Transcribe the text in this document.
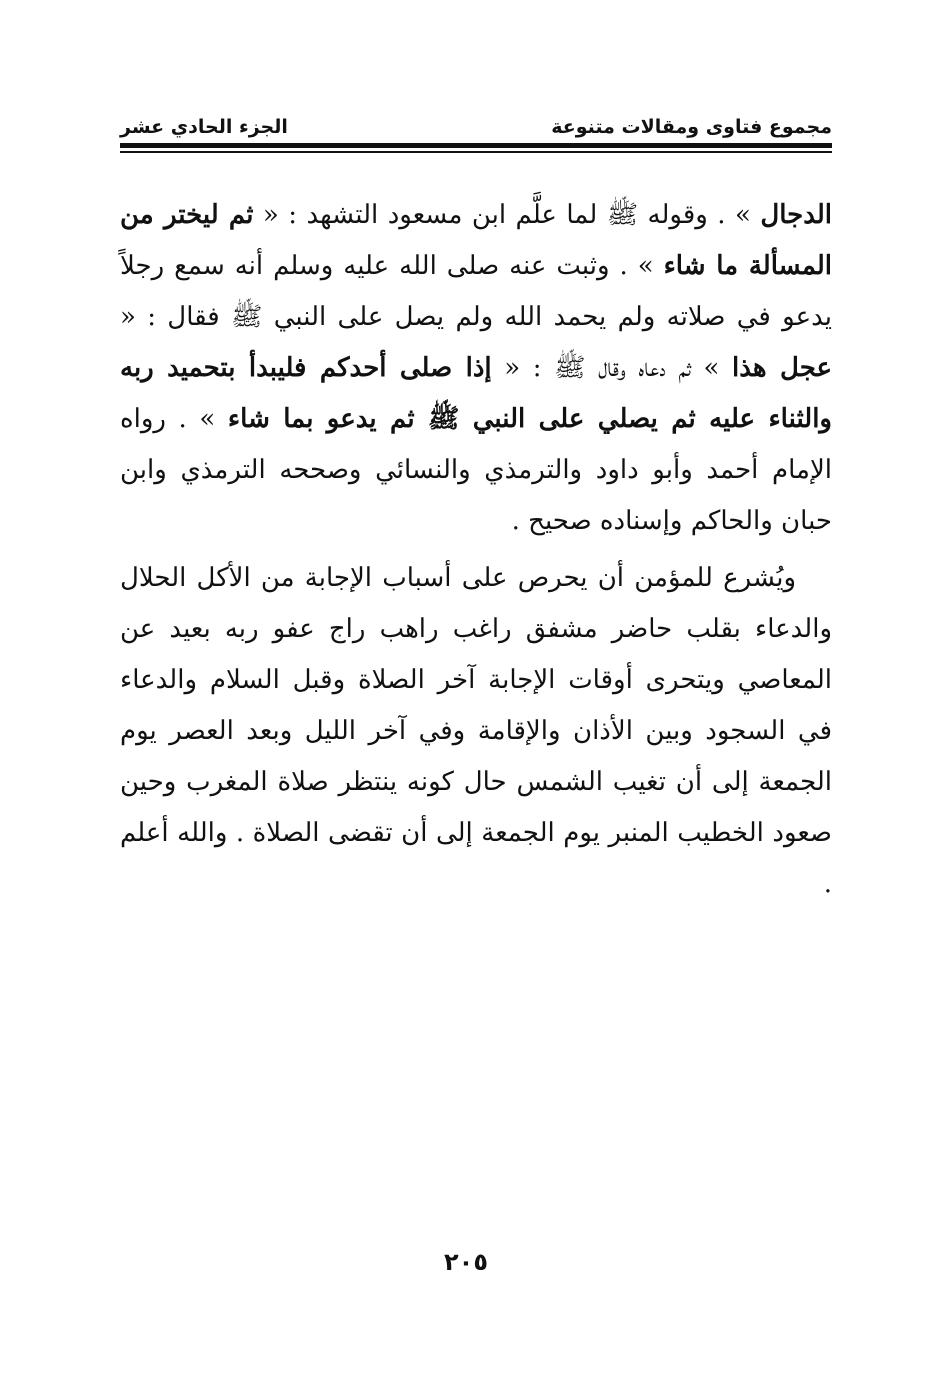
مجموع فتاوى ومقالات متنوعة
الجزء الحادي عشر

الدجال » . وقوله ﷺ لما علَّم ابن مسعود التشهد : « ثم ليختر من المسألة ما شاء » . وثبت عنه صلى الله عليه وسلم أنه سمع رجلاً يدعو في صلاته ولم يحمد الله ولم يصل على النبي ﷺ فقال : « عجل هذا » ثم دعاه وقال ﷺ : « إذا صلى أحدكم فليبدأ بتحميد ربه والثناء عليه ثم يصلي على النبي ﷺ ثم يدعو بما شاء » . رواه الإمام أحمد وأبو داود والترمذي والنسائي وصححه الترمذي وابن حبان والحاكم وإسناده صحيح .

ويُشرع للمؤمن أن يحرص على أسباب الإجابة من الأكل الحلال والدعاء بقلب حاضر مشفق راغب راهب راج عفو ربه بعيد عن المعاصي ويتحرى أوقات الإجابة آخر الصلاة وقبل السلام والدعاء في السجود وبين الأذان والإقامة وفي آخر الليل وبعد العصر يوم الجمعة إلى أن تغيب الشمس حال كونه ينتظر صلاة المغرب وحين صعود الخطيب المنبر يوم الجمعة إلى أن تقضى الصلاة . والله أعلم .

٢٠٥
